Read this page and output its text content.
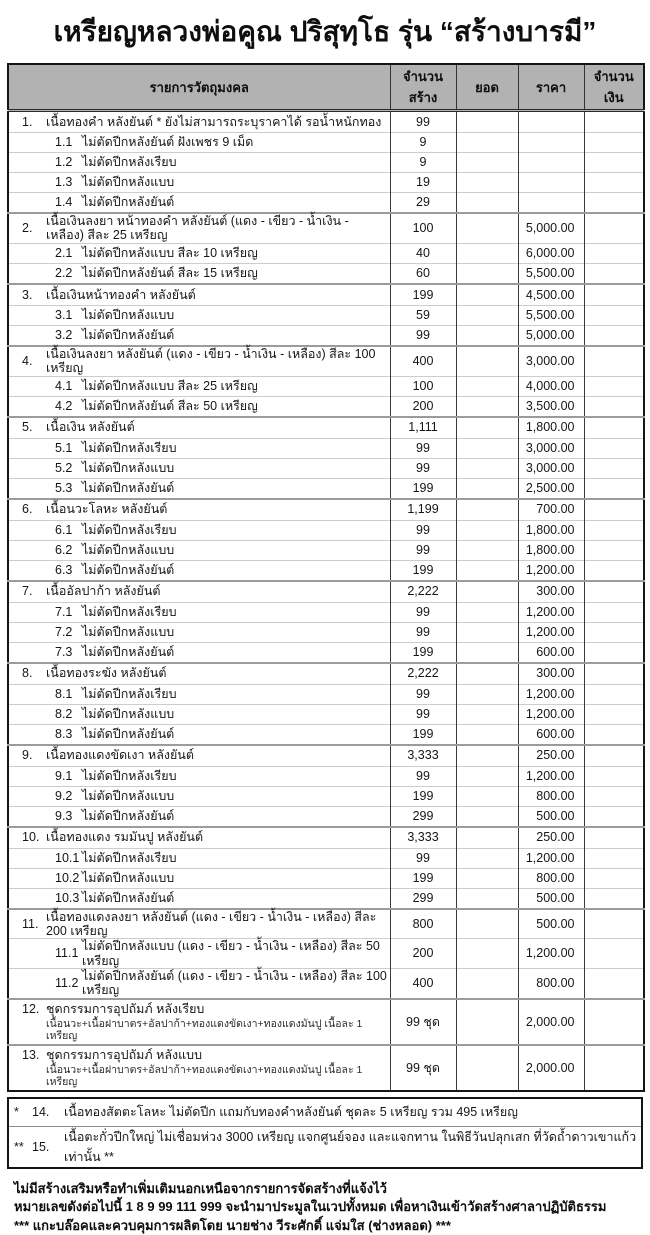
เหรียญหลวงพ่อคูณ ปริสุทฺโธ รุ่น “สร้างบารมี”
รายการวัตถุมงคล	จำนวนสร้าง	ยอด	ราคา	จำนวนเงิน

1. เนื้อทองคำ หลังยันต์ * ยังไม่สามารถระบุราคาได้ รอน้ำหนักทอง	99			

1.1 ไม่ตัดปีกหลังยันต์ ฝังเพชร 9 เม็ด	9			

1.2 ไม่ตัดปีกหลังเรียบ	9			

1.3 ไม่ตัดปีกหลังแบบ	19			

1.4 ไม่ตัดปีกหลังยันต์	29			

2.
เนื้อเงินลงยา หน้าทองคำ หลังยันต์ (แดง - เขียว - น้ำเงิน - เหลือง) สีละ 25 เหรียญ	100		5,000.00	

2.1 ไม่ตัดปีกหลังแบบ สีละ 10 เหรียญ	40		6,000.00	

2.2 ไม่ตัดปีกหลังยันต์ สีละ 15 เหรียญ	60		5,500.00	

3. เนื้อเงินหน้าทองคำ หลังยันต์	199		4,500.00	

3.1 ไม่ตัดปีกหลังแบบ	59		5,500.00	

3.2 ไม่ตัดปีกหลังยันต์	99		5,000.00	

4.
เนื้อเงินลงยา หลังยันต์ (แดง - เขียว - น้ำเงิน - เหลือง) สีละ 100 เหรียญ	400		3,000.00	

4.1 ไม่ตัดปีกหลังแบบ สีละ 25 เหรียญ	100		4,000.00	

4.2 ไม่ตัดปีกหลังยันต์ สีละ 50 เหรียญ	200		3,500.00	

5. เนื้อเงิน หลังยันต์	1,111		1,800.00	

5.1 ไม่ตัดปีกหลังเรียบ	99		3,000.00	

5.2 ไม่ตัดปีกหลังแบบ	99		3,000.00	

5.3 ไม่ตัดปีกหลังยันต์	199		2,500.00	

6. เนื้อนวะโลหะ หลังยันต์	1,199		700.00	

6.1 ไม่ตัดปีกหลังเรียบ	99		1,800.00	

6.2 ไม่ตัดปีกหลังแบบ	99		1,800.00	

6.3 ไม่ตัดปีกหลังยันต์	199		1,200.00	

7. เนื้ออัลปาก้า หลังยันต์	2,222		300.00	

7.1 ไม่ตัดปีกหลังเรียบ	99		1,200.00	

7.2 ไม่ตัดปีกหลังแบบ	99		1,200.00	

7.3 ไม่ตัดปีกหลังยันต์	199		600.00	

8. เนื้อทองระฆัง หลังยันต์	2,222		300.00	

8.1 ไม่ตัดปีกหลังเรียบ	99		1,200.00	

8.2 ไม่ตัดปีกหลังแบบ	99		1,200.00	

8.3 ไม่ตัดปีกหลังยันต์	199		600.00	

9. เนื้อทองแดงขัดเงา หลังยันต์	3,333		250.00	

9.1 ไม่ตัดปีกหลังเรียบ	99		1,200.00	

9.2 ไม่ตัดปีกหลังแบบ	199		800.00	

9.3 ไม่ตัดปีกหลังยันต์	299		500.00	

10. เนื้อทองแดง รมมันปู หลังยันต์	3,333		250.00	

10.1 ไม่ตัดปีกหลังเรียบ	99		1,200.00	

10.2 ไม่ตัดปีกหลังแบบ	199		800.00	

10.3 ไม่ตัดปีกหลังยันต์	299		500.00	

11.
เนื้อทองแดงลงยา หลังยันต์ (แดง - เขียว - น้ำเงิน - เหลือง) สีละ 200 เหรียญ	800		500.00	

11.1
ไม่ตัดปีกหลังแบบ (แดง - เขียว - น้ำเงิน - เหลือง) สีละ 50 เหรียญ	200		1,200.00	

11.2
ไม่ตัดปีกหลังยันต์ (แดง - เขียว - น้ำเงิน - เหลือง) สีละ 100 เหรียญ	400		800.00	

12. ชุดกรรมการอุปถัมภ์ หลังเรียบ
เนื้อนวะ+เนื้อฝาบาตร+อัลปาก้า+ทองแดงขัดเงา+ทองแดงมันปู เนื้อละ 1 เหรียญ	99 ชุด		2,000.00	

13. ชุดกรรมการอุปถัมภ์ หลังแบบ
เนื้อนวะ+เนื้อฝาบาตร+อัลปาก้า+ทองแดงขัดเงา+ทองแดงมันปู เนื้อละ 1 เหรียญ	99 ชุด		2,000.00	
*	14.	เนื้อทองสัตตะโลหะ ไม่ตัดปีก แถมกับทองคำหลังยันต์ ชุดละ 5 เหรียญ รวม 495 เหรียญ
** 15.
เนื้อตะกั่วปีกใหญ่ ไม่เชื่อมห่วง 3000 เหรียญ แจกศูนย์จอง และแจกทาน ในพิธีวันปลุกเสก ที่วัดถ้ำดาวเขาแก้ว เท่านั้น **
ไม่มีสร้างเสริมหรือทำเพิ่มเติมนอกเหนือจากรายการจัดสร้างที่แจ้งไว้
หมายเลขดังต่อไปนี้ 1 8 9 99 111 999 จะนำมาประมูลในเวปทั้งหมด เพื่อหาเงินเข้าวัดสร้างศาลาปฏิบัติธรรม
*** แกะบล๊อคและควบคุมการผลิตโดย นายช่าง วีระศักดิ์ แจ่มใส (ช่างหลอด) ***
